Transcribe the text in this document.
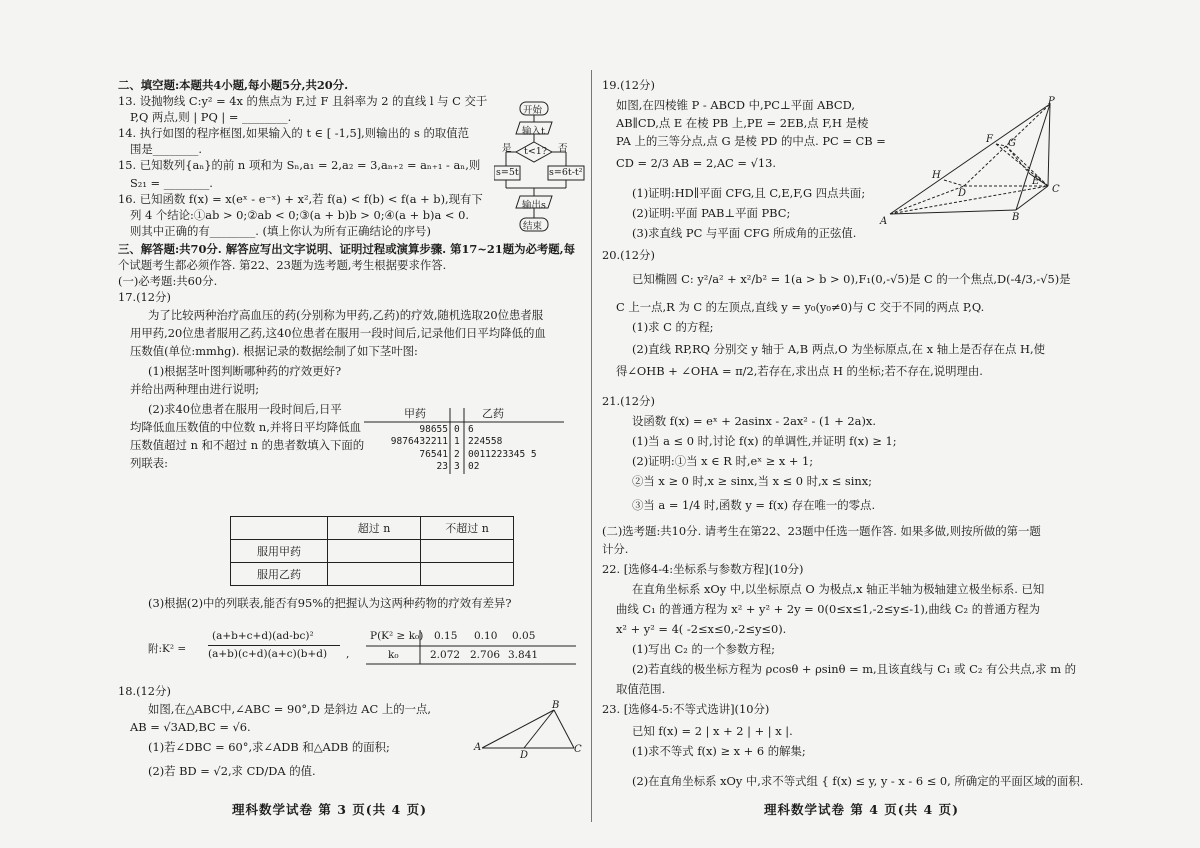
二、填空题:本题共4小题,每小题5分,共20分.
13. 设抛物线 C:y² = 4x 的焦点为 F,过 F 且斜率为 2 的直线 l 与 C 交于
P,Q 两点,则 | PQ | = ________.
14. 执行如图的程序框图,如果输入的 t ∈ [ -1,5],则输出的 s 的取值范
围是________.
15. 已知数列{aₙ}的前 n 项和为 Sₙ,a₁ = 2,a₂ = 3,aₙ₊₂ = aₙ₊₁ - aₙ,则
S₂₁ = ________.
16. 已知函数 f(x) = x(eˣ - e⁻ˣ) + x²,若 f(a) < f(b) < f(a + b),现有下
列 4 个结论:①ab > 0;②ab < 0;③(a + b)b > 0;④(a + b)a < 0.
则其中正确的有________. (填上你认为所有正确结论的序号)
三、解答题:共70分. 解答应写出文字说明、证明过程或演算步骤. 第17~21题为必考题,每
个试题考生都必须作答. 第22、23题为选考题,考生根据要求作答.
(一)必考题:共60分.
17.(12分)
为了比较两种治疗高血压的药(分别称为甲药,乙药)的疗效,随机选取20位患者服
用甲药,20位患者服用乙药,这40位患者在服用一段时间后,记录他们日平均降低的血
压数值(单位:mmhg). 根据记录的数据绘制了如下茎叶图:
(1)根据茎叶图判断哪种药的疗效更好?
并给出两种理由进行说明;
(2)求40位患者在服用一段时间后,日平
均降低血压数值的中位数 n,并将日平均降低血
压数值超过 n 和不超过 n 的患者数填入下面的
列联表:
(3)根据(2)中的列联表,能否有95%的把握认为这两种药物的疗效有差异?
18.(12分)
如图,在△ABC中,∠ABC = 90°,D 是斜边 AC 上的一点,
AB = √3AD,BC = √6.
(1)若∠DBC = 60°,求∠ADB 和△ADB 的面积;
(2)若 BD = √2,求 CD/DA 的值.
19.(12分)
如图,在四棱锥 P - ABCD 中,PC⊥平面 ABCD,
AB∥CD,点 E 在棱 PB 上,PE = 2EB,点 F,H 是棱
PA 上的三等分点,点 G 是棱 PD 的中点. PC = CB =
CD = 2/3 AB = 2,AC = √13.
(1)证明:HD∥平面 CFG,且 C,E,F,G 四点共面;
(2)证明:平面 PAB⊥平面 PBC;
(3)求直线 PC 与平面 CFG 所成角的正弦值.
20.(12分)
已知椭圆 C: y²/a² + x²/b² = 1(a > b > 0),F₁(0,-√5)是 C 的一个焦点,D(-4/3,-√5)是
C 上一点,R 为 C 的左顶点,直线 y = y₀(y₀≠0)与 C 交于不同的两点 P,Q.
(1)求 C 的方程;
(2)直线 RP,RQ 分别交 y 轴于 A,B 两点,O 为坐标原点,在 x 轴上是否存在点 H,使
得∠OHB + ∠OHA = π/2,若存在,求出点 H 的坐标;若不存在,说明理由.
21.(12分)
设函数 f(x) = eˣ + 2asinx - 2ax² - (1 + 2a)x.
(1)当 a ≤ 0 时,讨论 f(x) 的单调性,并证明 f(x) ≥ 1;
(2)证明:①当 x ∈ R 时,eˣ ≥ x + 1;
②当 x ≥ 0 时,x ≥ sinx,当 x ≤ 0 时,x ≤ sinx;
③当 a = 1/4 时,函数 y = f(x) 存在唯一的零点.
(二)选考题:共10分. 请考生在第22、23题中任选一题作答. 如果多做,则按所做的第一题
计分.
22. [选修4-4:坐标系与参数方程](10分)
在直角坐标系 xOy 中,以坐标原点 O 为极点,x 轴正半轴为极轴建立极坐标系. 已知
曲线 C₁ 的普通方程为 x² + y² + 2y = 0(0≤x≤1,-2≤y≤-1),曲线 C₂ 的普通方程为
x² + y² = 4( -2≤x≤0,-2≤y≤0).
(1)写出 C₂ 的一个参数方程;
(2)若直线的极坐标方程为 ρcosθ + ρsinθ = m,且该直线与 C₁ 或 C₂ 有公共点,求 m 的
取值范围.
23. [选修4-5:不等式选讲](10分)
已知 f(x) = 2 | x + 2 | + | x |.
(1)求不等式 f(x) ≥ x + 6 的解集;
(2)在直角坐标系 xOy 中,求不等式组 { f(x) ≤ y, y - x - 6 ≤ 0, 所确定的平面区域的面积.
	超过 n	不超过 n
服用甲药		
服用乙药		
甲药	乙药
98655 0 6
9876432211 1 224558
76541 2 0011223345 5
23 3 02
附:K² =
(a+b+c+d)(ad-bc)²
(a+b)(c+d)(a+c)(b+d) ,
P(K² ≥ k₀) 0.15 0.10 0.05
k₀	2.072 2.706 3.841
开始
输入t
t<1?
是	否
s=5t	s=6t-t²
输出s
结束
A
B
C
D
P
A	B
C
D
E
F G
H
理科数学试卷 第 3 页(共 4 页)	理科数学试卷 第 4 页(共 4 页)
